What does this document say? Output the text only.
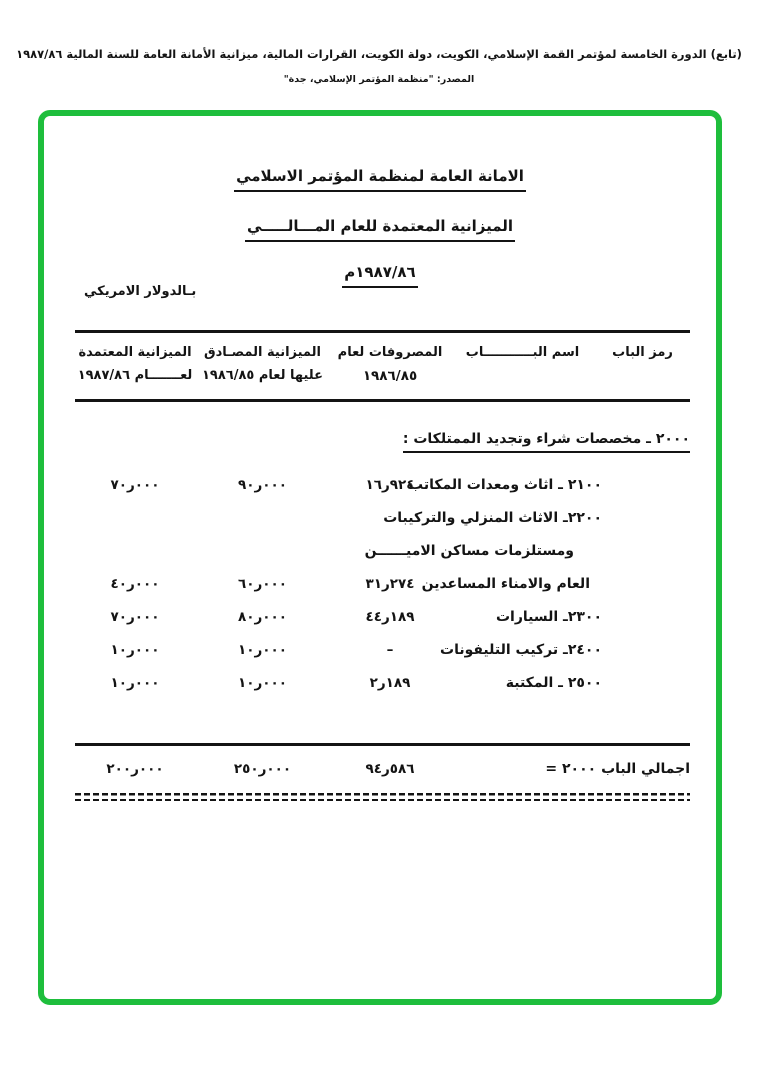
(تابع) الدورة الخامسة لمؤتمر القمة الإسلامي، الكويت، دولة الكويت، القرارات المالية، ميزانية الأمانة العامة للسنة المالية ١٩٨٧/٨٦
المصدر: "منظمة المؤتمر الإسلامي، جدة"
الامانة العامة لمنظمة المؤتمر الاسلامي
الميزانية المعتمدة للعام المـــالـــــي
١٩٨٧/٨٦م
بـالدولار الامريكي
رمز الباب
اسم البـــــــــــاب
المصروفات لعام
١٩٨٦/٨٥
الميزانية المصـادق
عليها لعام ١٩٨٦/٨٥
الميزانية المعتمدة
لعـــــــام ١٩٨٧/٨٦
٢٠٠٠ ـ مخصصات شراء وتجديد الممتلكات :
٢١٠٠ ـ اثاث ومعدات المكاتب
١٦ر٩٢٤
٩٠ر٠٠٠
٧٠ر٠٠٠
٢٢٠٠ـ الاثاث المنزلي والتركيبات
ومستلزمات مساكن الاميــــــن
العام والامناء المساعدين
٣١ر٢٧٤
٦٠ر٠٠٠
٤٠ر٠٠٠
٢٣٠٠ـ السيارات
٤٤ر١٨٩
٨٠ر٠٠٠
٧٠ر٠٠٠
٢٤٠٠ـ تركيب التليفونات
–
١٠ر٠٠٠
١٠ر٠٠٠
٢٥٠٠ ـ المكتبة
٢ر١٨٩
١٠ر٠٠٠
١٠ر٠٠٠
اجمالي الباب ٢٠٠٠ =
٩٤ر٥٨٦
٢٥٠ر٠٠٠
٢٠٠ر٠٠٠
